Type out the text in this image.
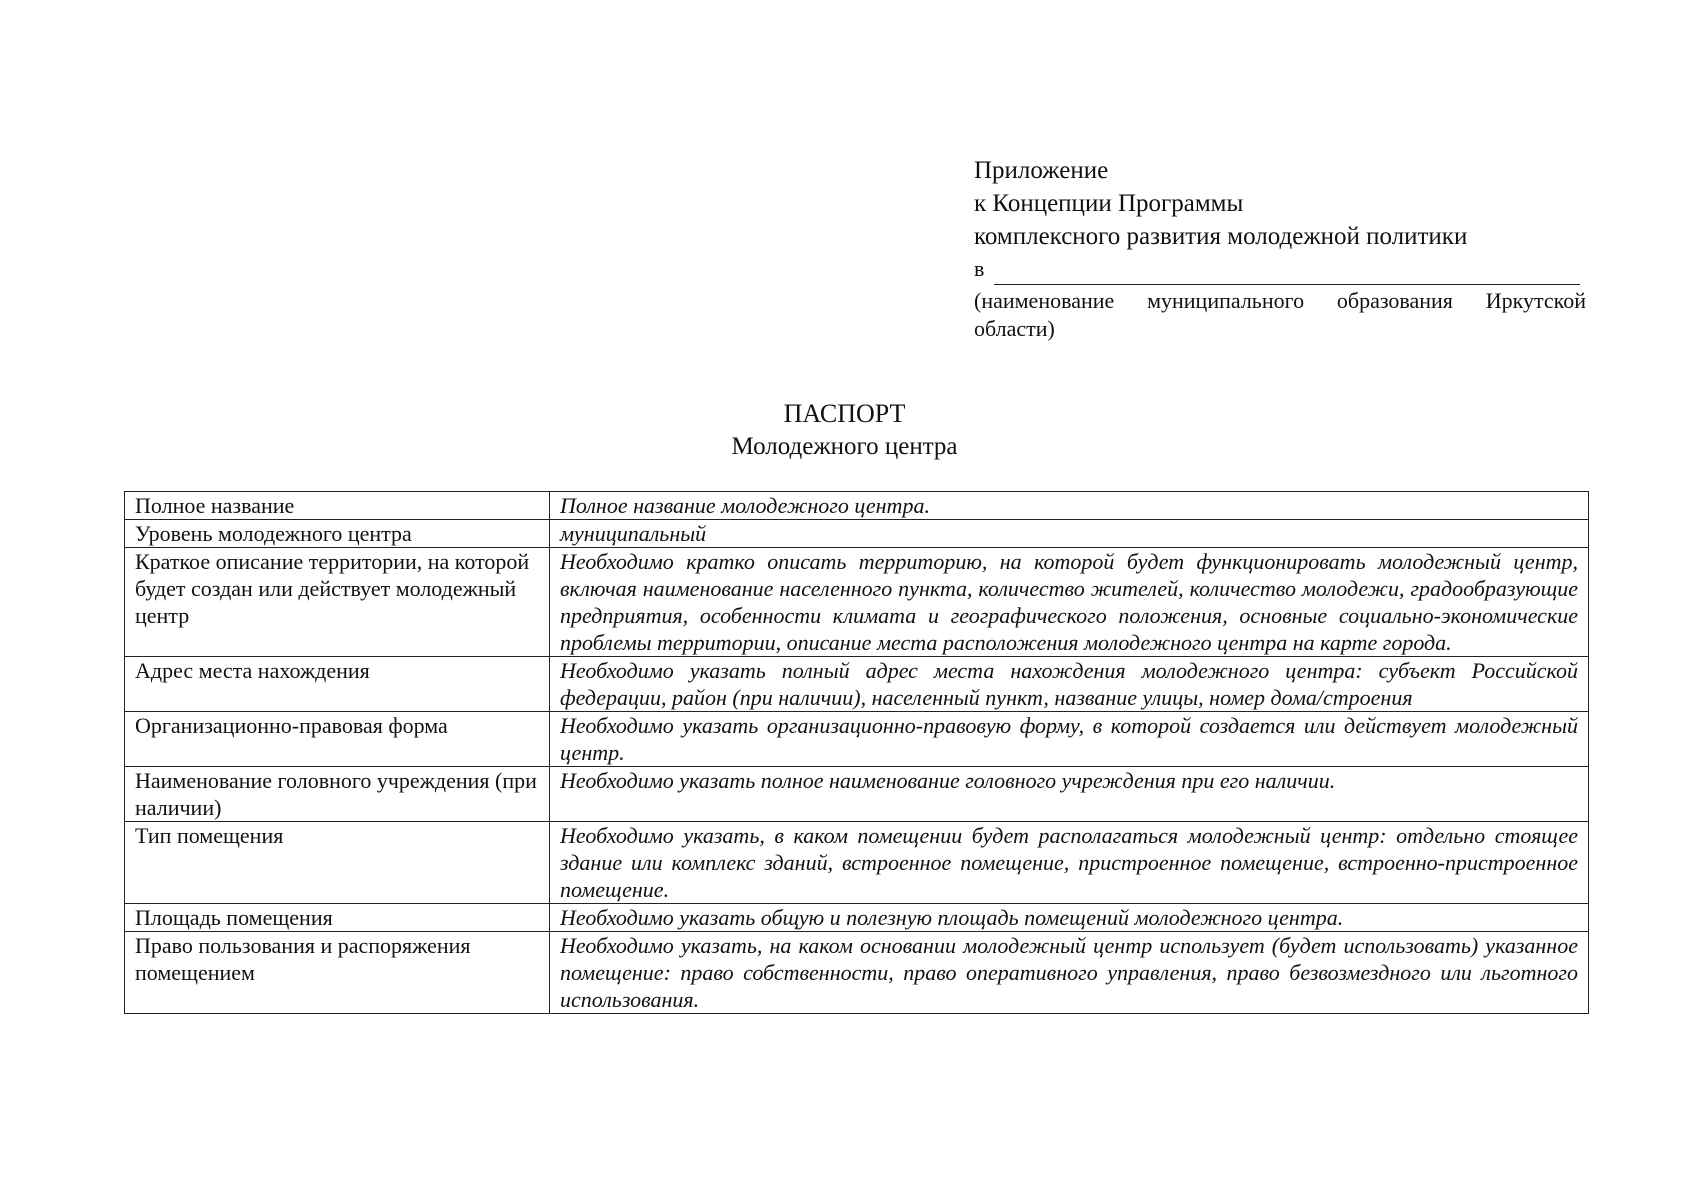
Приложение
к Концепции Программы
комплексного развития молодежной политики
в
(наименование муниципального образования Иркутской области)
ПАСПОРТ
Молодежного центра
Полное название	Полное название молодежного центра.
Уровень молодежного центра	муниципальный
Краткое описание территории, на которой будет создан или действует молодежный центр	Необходимо кратко описать территорию, на которой будет функционировать молодежный центр, включая наименование населенного пункта, количество жителей, количество молодежи, градообразующие предприятия, особенности климата и географического положения, основные социально-экономические проблемы территории, описание места расположения молодежного центра на карте города.
Адрес места нахождения	Необходимо указать полный адрес места нахождения молодежного центра: субъект Российской федерации, район (при наличии), населенный пункт, название улицы, номер дома/строения
Организационно-правовая форма	Необходимо указать организационно-правовую форму, в которой создается или действует молодежный центр.
Наименование головного учреждения (при наличии)	Необходимо указать полное наименование головного учреждения при его наличии.
Тип помещения	Необходимо указать, в каком помещении будет располагаться молодежный центр: отдельно стоящее здание или комплекс зданий, встроенное помещение, пристроенное помещение, встроенно-пристроенное помещение.
Площадь помещения	Необходимо указать общую и полезную площадь помещений молодежного центра.
Право пользования и распоряжения помещением	Необходимо указать, на каком основании молодежный центр использует (будет использовать) указанное помещение: право собственности, право оперативного управления, право безвозмездного или льготного использования.
